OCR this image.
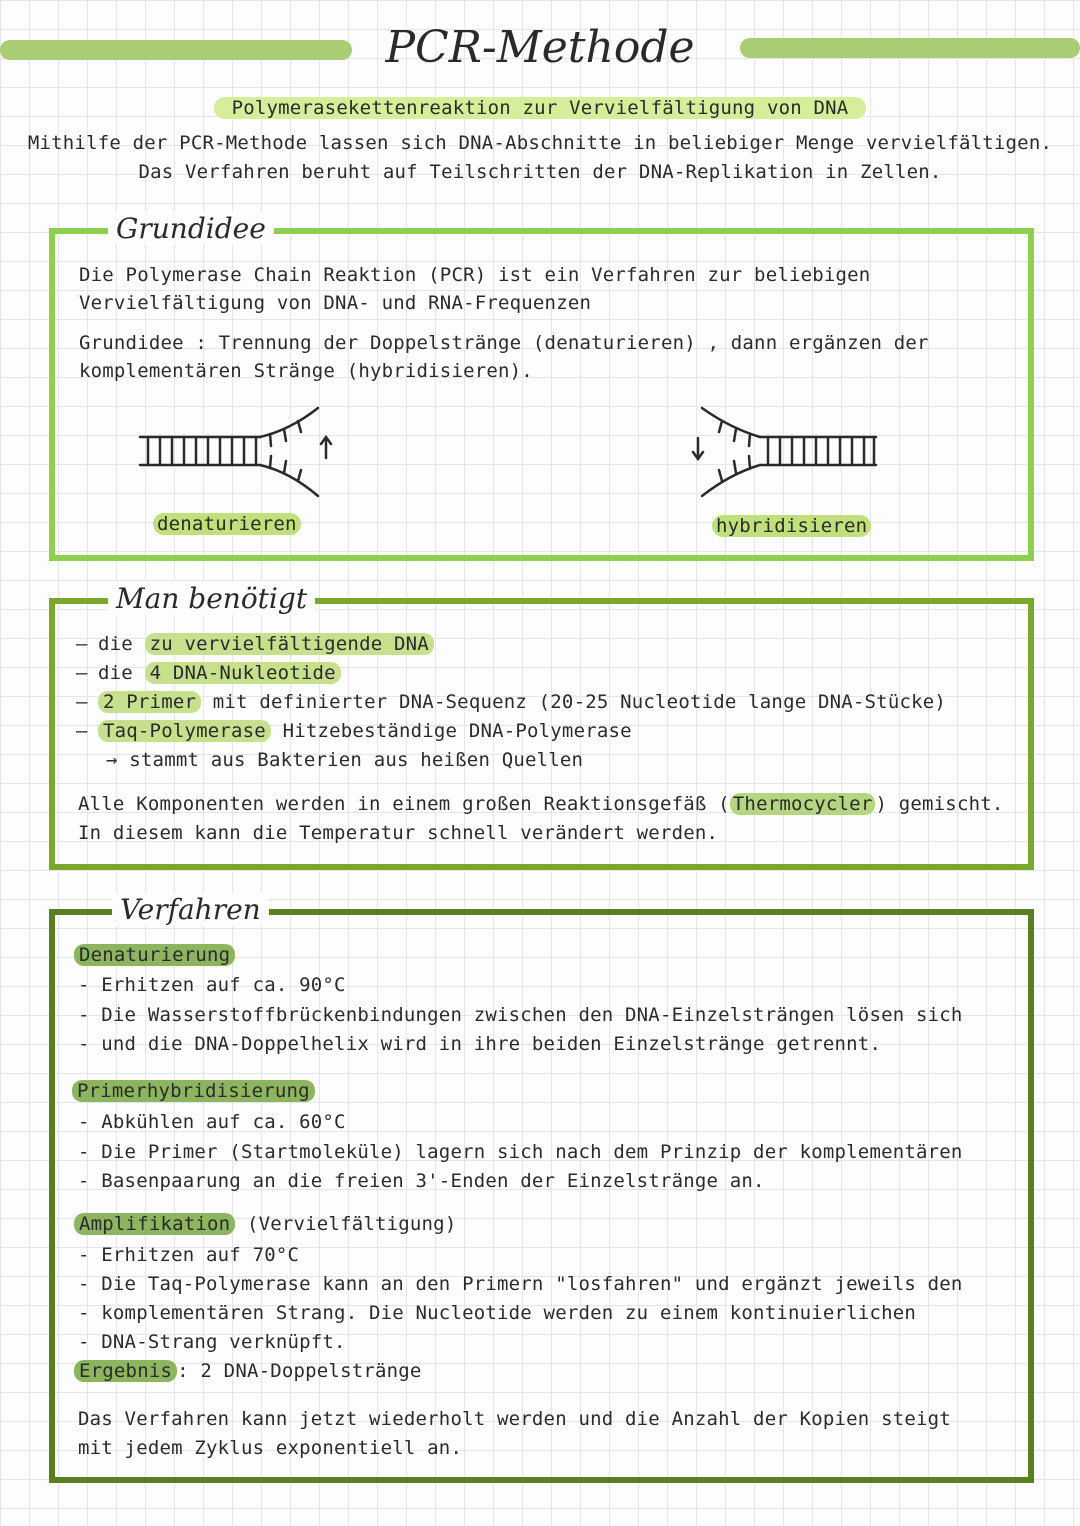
PCR-Methode
Polymerasekettenreaktion zur Vervielfältigung von DNA
Mithilfe der PCR-Methode lassen sich DNA-Abschnitte in beliebiger Menge vervielfältigen.
Das Verfahren beruht auf Teilschritten der DNA-Replikation in Zellen.
Grundidee
Die Polymerase Chain Reaktion (PCR) ist ein Verfahren zur beliebigen
Vervielfältigung von DNA- und RNA-Frequenzen
Grundidee : Trennung der Doppelstränge (denaturieren) , dann ergänzen der
komplementären Stränge (hybridisieren).
denaturieren	hybridisieren
Man benötigt
– die zu vervielfältigende DNA
– die 4 DNA-Nukleotide
– 2 Primer mit definierter DNA-Sequenz (20-25 Nucleotide lange DNA-Stücke)
– Taq-Polymerase Hitzebeständige DNA-Polymerase
→ stammt aus Bakterien aus heißen Quellen
Alle Komponenten werden in einem großen Reaktionsgefäß ( Thermocycler ) gemischt.
In diesem kann die Temperatur schnell verändert werden.
Verfahren
Denaturierung
- Erhitzen auf ca. 90°C
- Die Wasserstoffbrückenbindungen zwischen den DNA-Einzelsträngen lösen sich
- und die DNA-Doppelhelix wird in ihre beiden Einzelstränge getrennt.
Primerhybridisierung
- Abkühlen auf ca. 60°C
- Die Primer (Startmoleküle) lagern sich nach dem Prinzip der komplementären
- Basenpaarung an die freien 3'-Enden der Einzelstränge an.
Amplifikation (Vervielfältigung)
- Erhitzen auf 70°C
- Die Taq-Polymerase kann an den Primern "losfahren" und ergänzt jeweils den
- komplementären Strang. Die Nucleotide werden zu einem kontinuierlichen
- DNA-Strang verknüpft.
Ergebnis : 2 DNA-Doppelstränge
Das Verfahren kann jetzt wiederholt werden und die Anzahl der Kopien steigt
mit jedem Zyklus exponentiell an.
